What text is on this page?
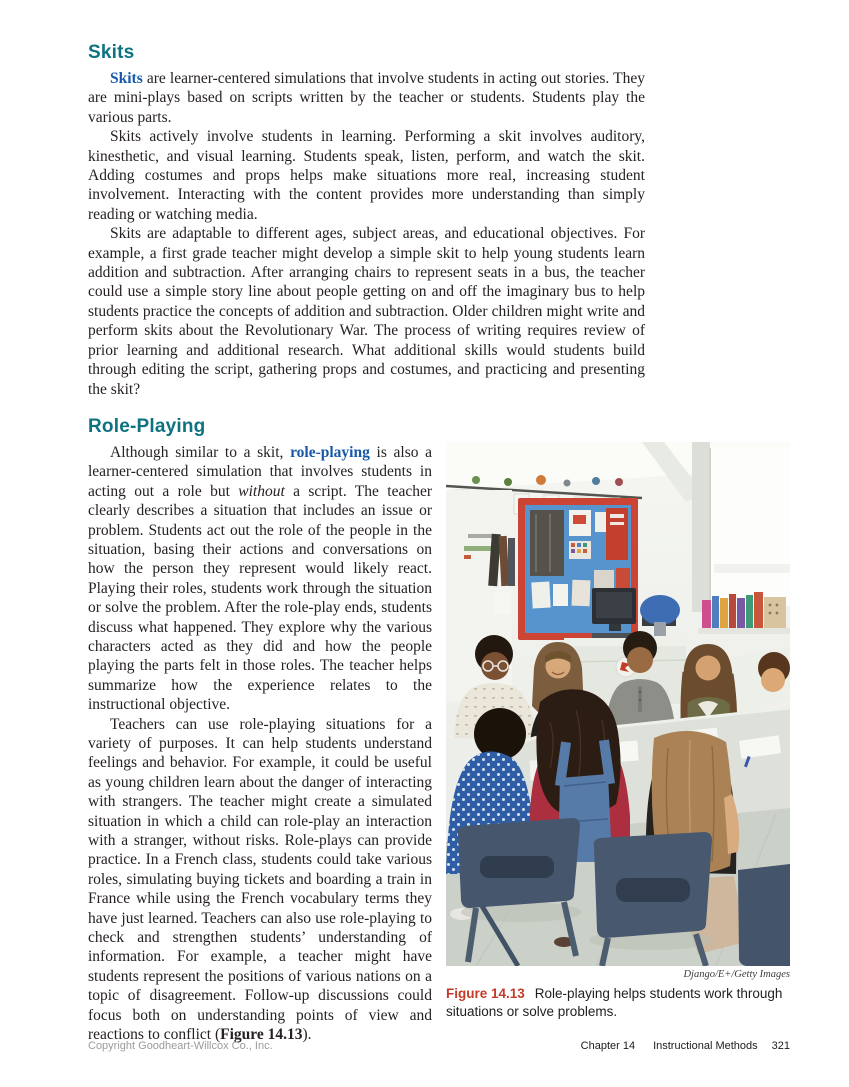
Skits

Skits are learner-centered simulations that involve students in acting out stories. They are mini-plays based on scripts written by the teacher or students. Students play the various parts.

Skits actively involve students in learning. Performing a skit involves auditory, kinesthetic, and visual learning. Students speak, listen, perform, and watch the skit. Adding costumes and props helps make situations more real, increasing student involvement. Interacting with the content provides more understanding than simply reading or watching media.

Skits are adaptable to different ages, subject areas, and educational objectives. For example, a first grade teacher might develop a simple skit to help young students learn addition and subtraction. After arranging chairs to represent seats in a bus, the teacher could use a simple story line about people getting on and off the imaginary bus to help students practice the concepts of addition and subtraction. Older children might write and perform skits about the Revolutionary War. The process of writing requires review of prior learning and additional research. What additional skills would students build through editing the script, gathering props and costumes, and practicing and presenting the skit?

Django/E+/Getty Images
Figure 14.13 Role-playing helps students work through situations or solve problems.
Role-Playing

Although similar to a skit, role-playing is also a learner-centered simulation that involves students in acting out a role but without a script. The teacher clearly describes a situation that includes an issue or problem. Students act out the role of the people in the situation, basing their actions and conversations on how the person they represent would likely react. Playing their roles, students work through the situation or solve the problem. After the role-play ends, students discuss what happened. They explore why the various characters acted as they did and how the people playing the parts felt in those roles. The teacher helps summarize how the experience relates to the instructional objective.

Teachers can use role-playing situations for a variety of purposes. It can help students understand feelings and behavior. For example, it could be useful as young children learn about the danger of interacting with strangers. The teacher might create a simulated situation in which a child can role-play an interaction with a stranger, without risks. Role-plays can provide practice. In a French class, students could take various roles, simulating buying tickets and boarding a train in France while using the French vocabulary terms they have just learned. Teachers can also use role-playing to check and strengthen students’ understanding of information. For example, a teacher might have students represent the positions of various nations on a topic of disagreement. Follow-up discussions could focus both on understanding points of view and reactions to conflict (Figure 14.13).

Copyright Goodheart-Willcox Co., Inc.	Chapter 14 Instructional Methods 321
